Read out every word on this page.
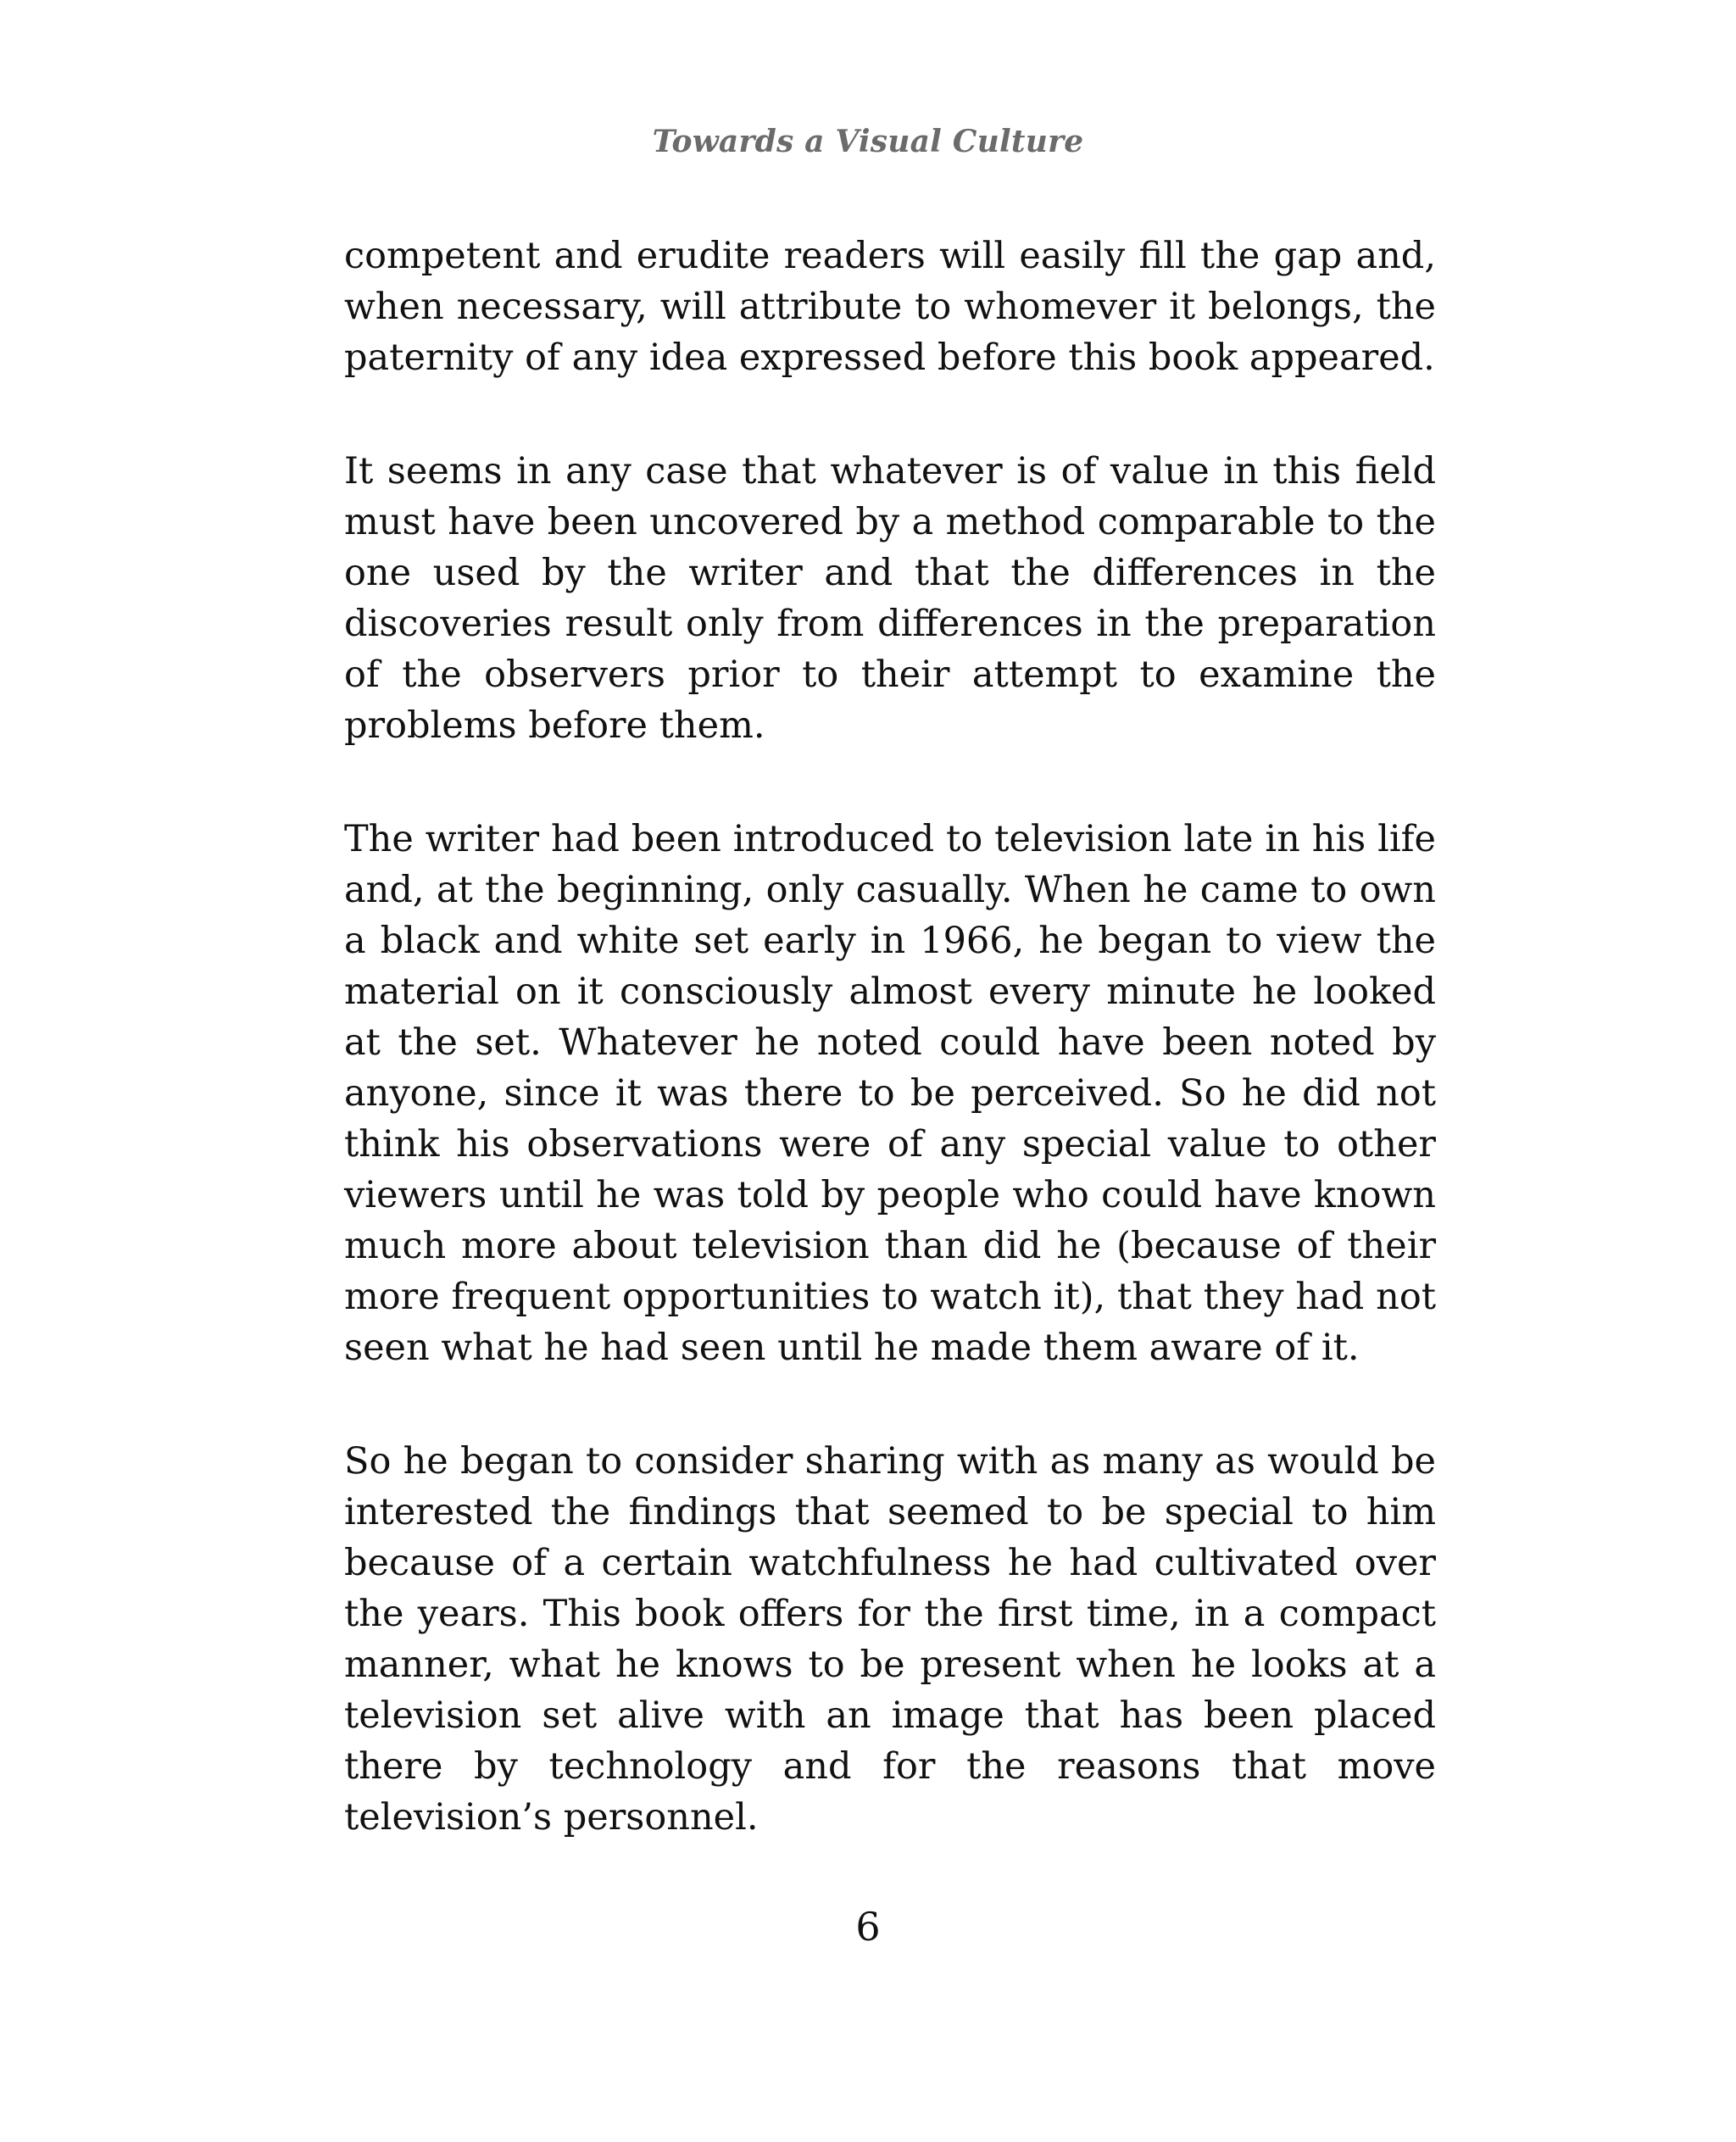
Towards a Visual Culture

competent and erudite readers will easily fill the gap and, when necessary, will attribute to whomever it belongs, the paternity of any idea expressed before this book appeared.

It seems in any case that whatever is of value in this field must have been uncovered by a method comparable to the one used by the writer and that the differences in the discoveries result only from differences in the preparation of the observers prior to their attempt to examine the problems before them.

The writer had been introduced to television late in his life and, at the beginning, only casually. When he came to own a black and white set early in 1966, he began to view the material on it consciously almost every minute he looked at the set. Whatever he noted could have been noted by anyone, since it was there to be perceived. So he did not think his observations were of any special value to other viewers until he was told by people who could have known much more about television than did he (because of their more frequent opportunities to watch it), that they had not seen what he had seen until he made them aware of it.

So he began to consider sharing with as many as would be interested the findings that seemed to be special to him because of a certain watchfulness he had cultivated over the years. This book offers for the first time, in a compact manner, what he knows to be present when he looks at a television set alive with an image that has been placed there by technology and for the reasons that move television’s personnel.

6
